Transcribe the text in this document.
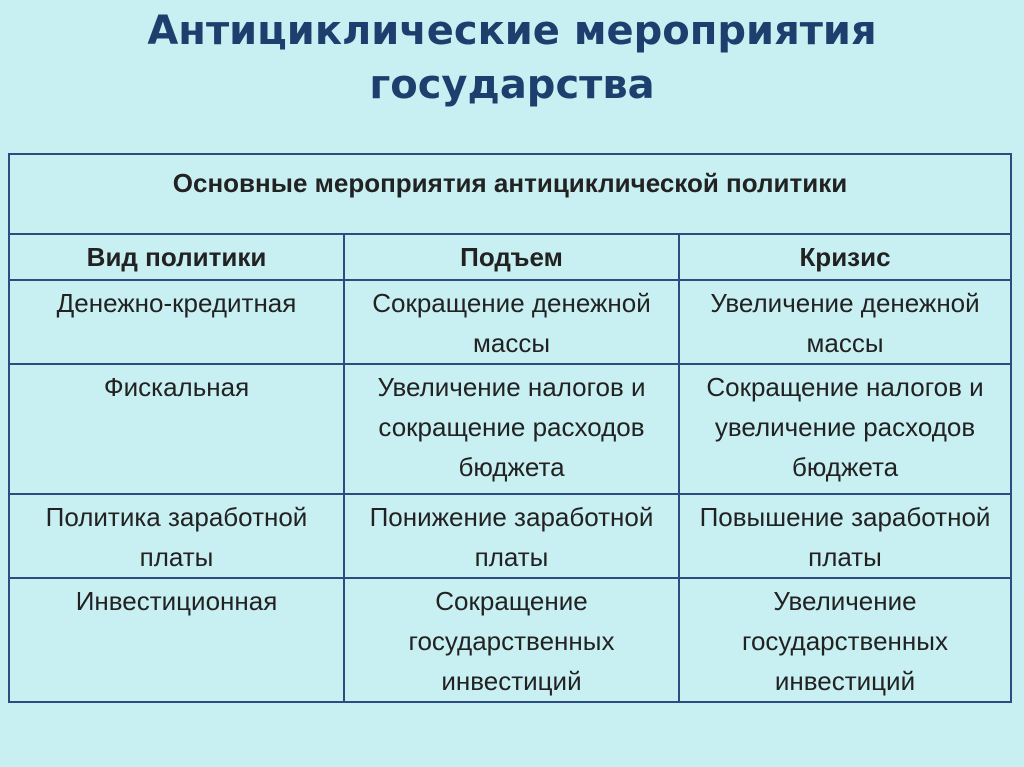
Антициклические мероприятия
государства
Основные мероприятия антициклической политики		
Вид политики	Подъем	Кризис
Денежно-кредитная	Сокращение денежной массы	Увеличение денежной массы
Фискальная	Увеличение налогов и сокращение расходов бюджета	Сокращение налогов и увеличение расходов бюджета
Политика заработной платы	Понижение заработной платы	Повышение заработной платы
Инвестиционная	Сокращение государственных инвестиций	Увеличение государственных инвестиций
